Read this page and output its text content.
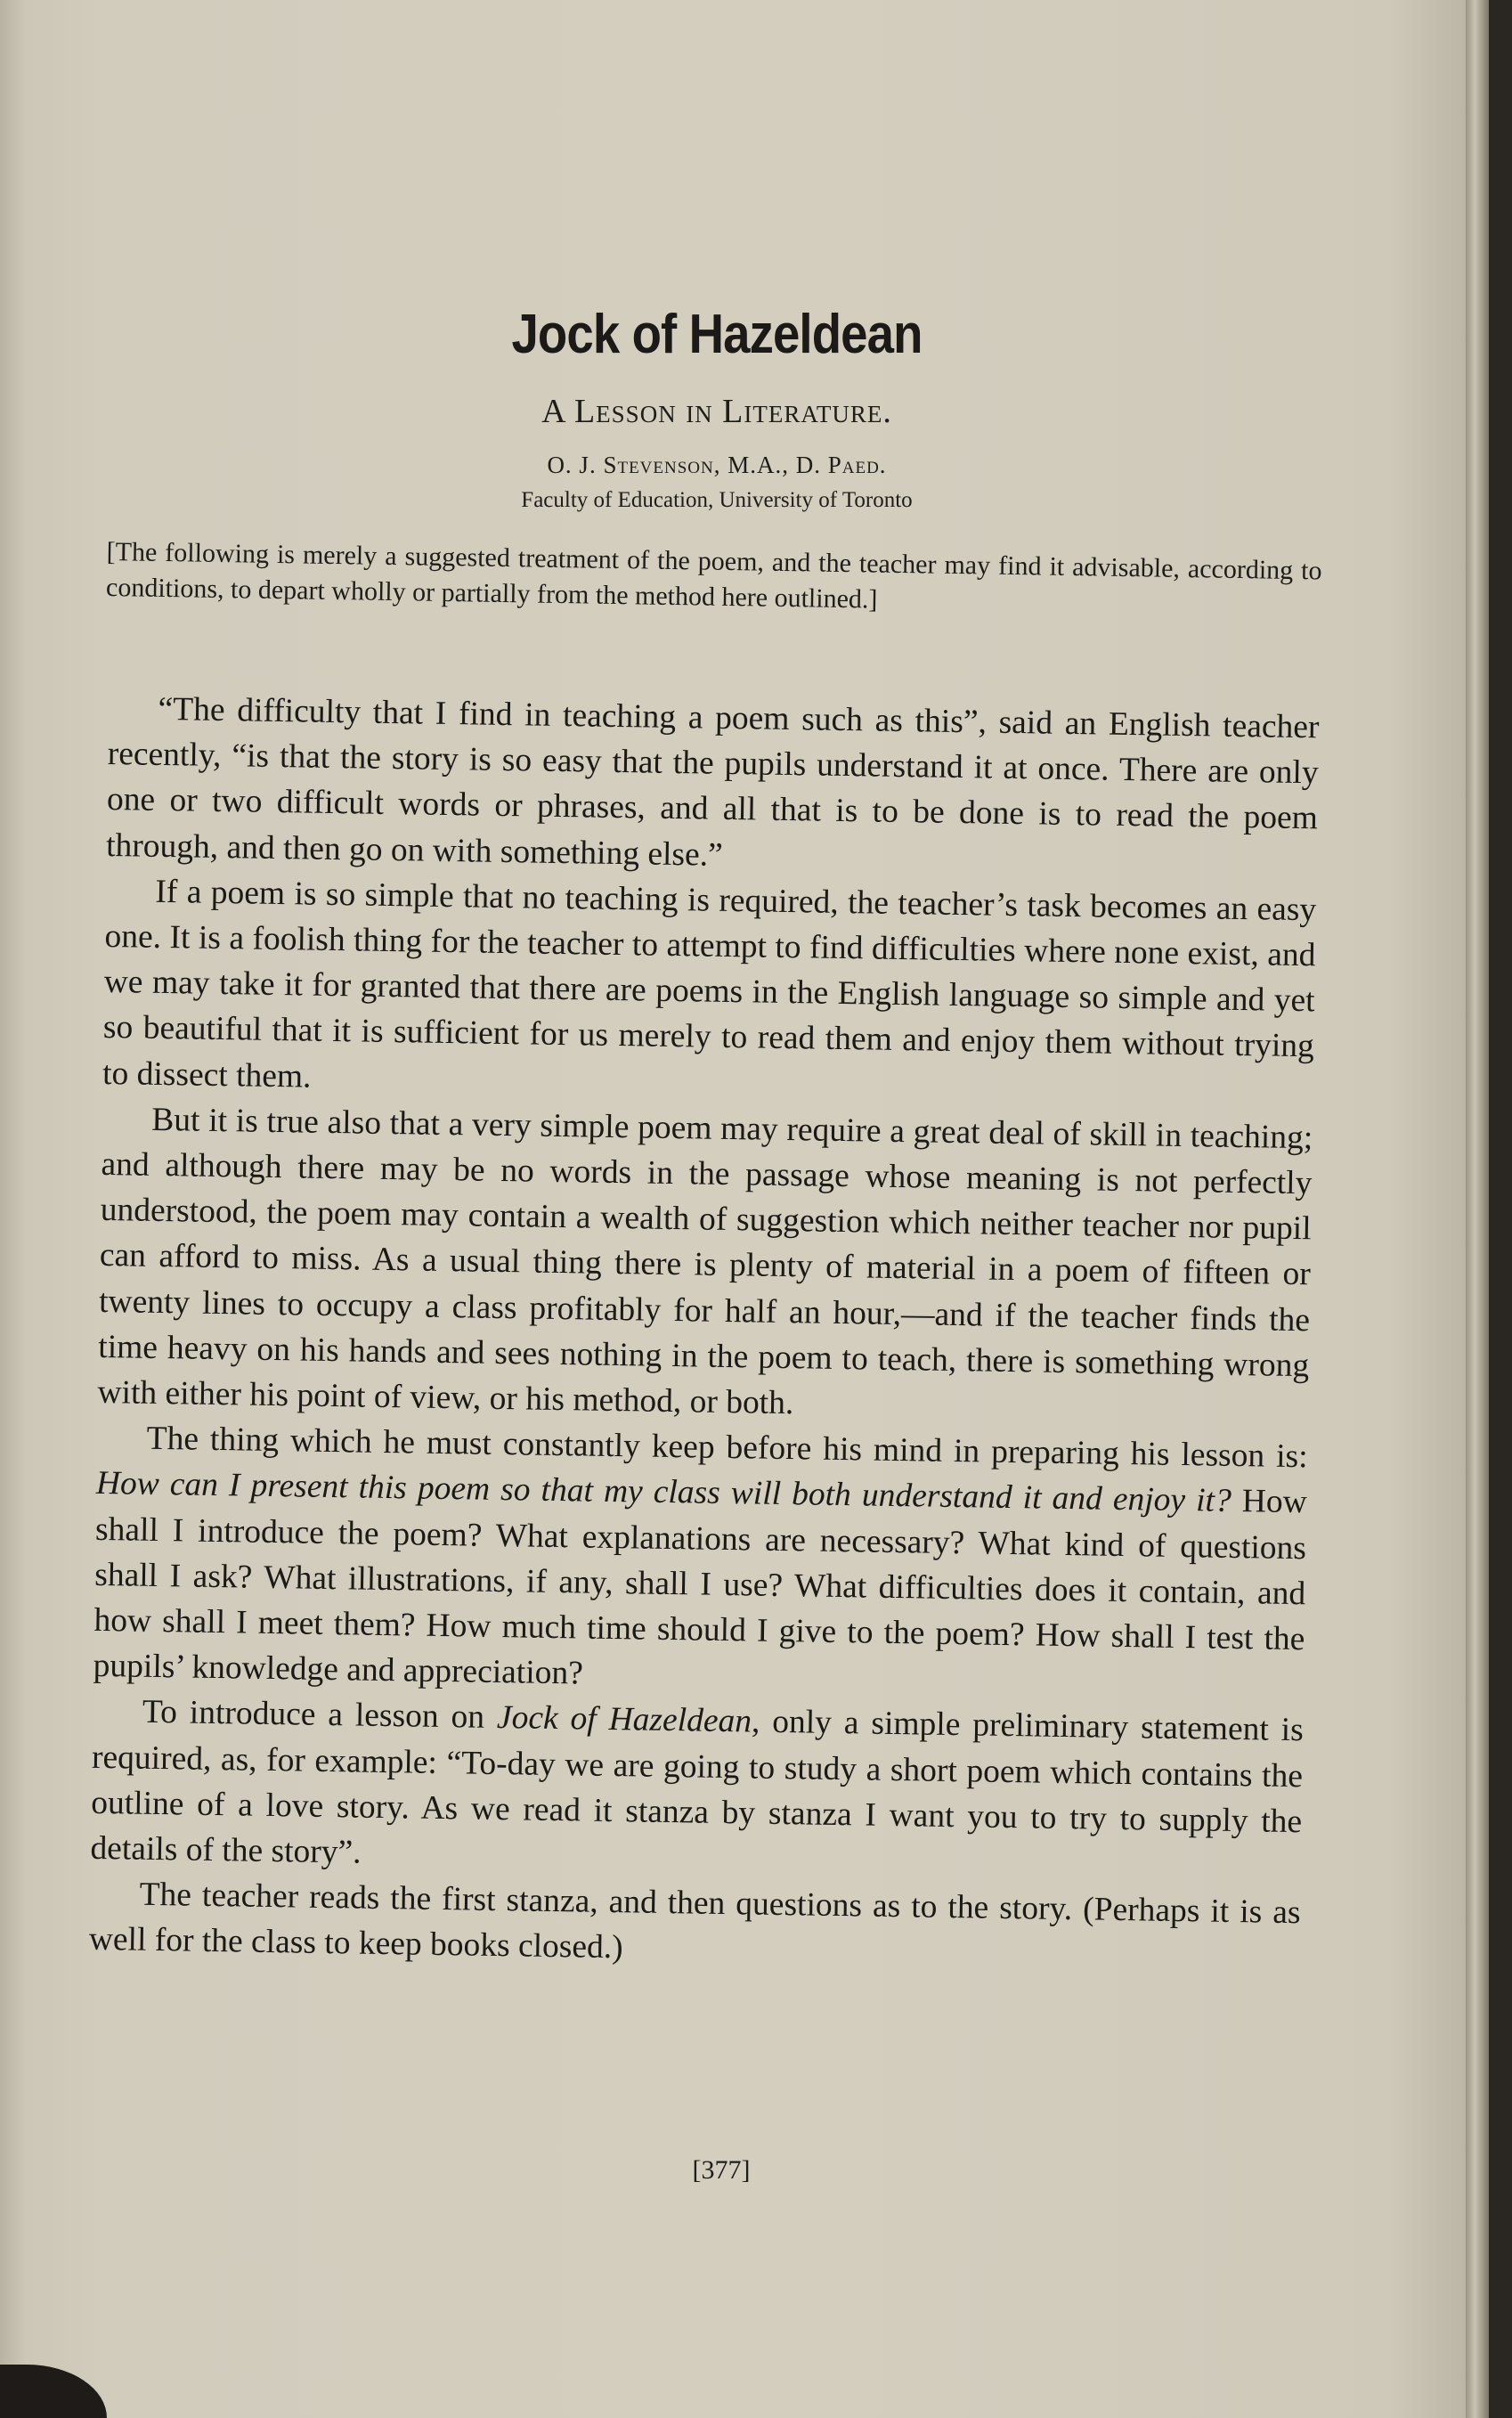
Jock of Hazeldean
A Lesson in Literature.
O. J. Stevenson, M.A., D. Paed.
Faculty of Education, University of Toronto
[The following is merely a suggested treatment of the poem, and the teacher may find it advisable, according to conditions, to depart wholly or partially from the method here outlined.]

“The difficulty that I find in teaching a poem such as this”, said an English teacher recently, “is that the story is so easy that the pupils understand it at once. There are only one or two difficult words or phrases, and all that is to be done is to read the poem through, and then go on with something else.”

If a poem is so simple that no teaching is required, the teacher’s task becomes an easy one. It is a foolish thing for the teacher to attempt to find difficulties where none exist, and we may take it for granted that there are poems in the English language so simple and yet so beautiful that it is sufficient for us merely to read them and enjoy them without trying to dissect them.

But it is true also that a very simple poem may require a great deal of skill in teaching; and although there may be no words in the passage whose meaning is not perfectly understood, the poem may contain a wealth of suggestion which neither teacher nor pupil can afford to miss. As a usual thing there is plenty of material in a poem of fifteen or twenty lines to occupy a class profitably for half an hour,—and if the teacher finds the time heavy on his hands and sees nothing in the poem to teach, there is something wrong with either his point of view, or his method, or both.

The thing which he must constantly keep before his mind in preparing his lesson is: How can I present this poem so that my class will both understand it and enjoy it? How shall I introduce the poem? What explanations are necessary? What kind of questions shall I ask? What illustrations, if any, shall I use? What difficulties does it contain, and how shall I meet them? How much time should I give to the poem? How shall I test the pupils’ knowledge and appreciation?

To introduce a lesson on Jock of Hazeldean, only a simple preliminary statement is required, as, for example: “To-day we are going to study a short poem which contains the outline of a love story. As we read it stanza by stanza I want you to try to supply the details of the story”.

The teacher reads the first stanza, and then questions as to the story. (Perhaps it is as well for the class to keep books closed.)

[377]
